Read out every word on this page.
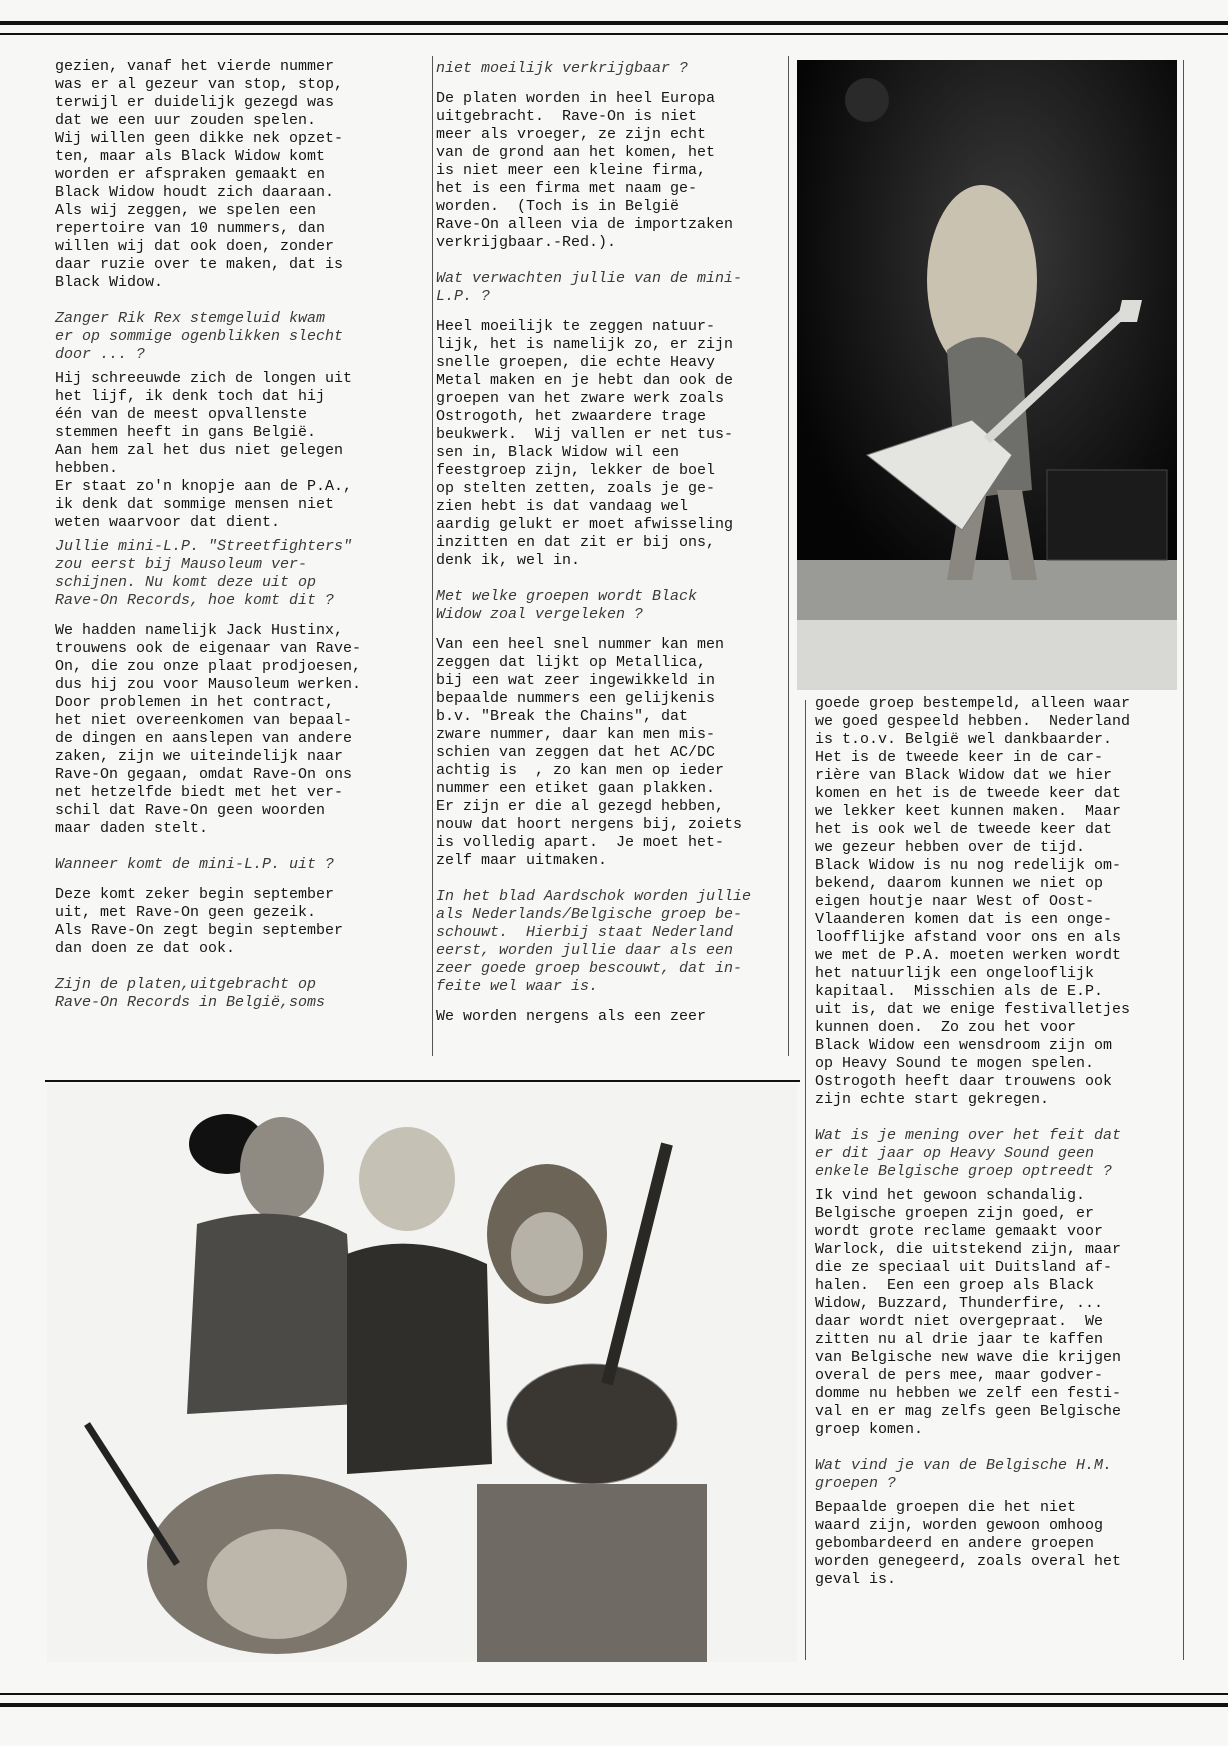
gezien, vanaf het vierde nummer
was er al gezeur van stop, stop,
terwijl er duidelijk gezegd was
dat we een uur zouden spelen.
Wij willen geen dikke nek opzet-
ten, maar als Black Widow komt
worden er afspraken gemaakt en
Black Widow houdt zich daaraan.
Als wij zeggen, we spelen een
repertoire van 10 nummers, dan
willen wij dat ook doen, zonder
daar ruzie over te maken, dat is
Black Widow.

Zanger Rik Rex stemgeluid kwam
er op sommige ogenblikken slecht
door ... ?

Hij schreeuwde zich de longen uit
het lijf, ik denk toch dat hij
één van de meest opvallenste
stemmen heeft in gans België.
Aan hem zal het dus niet gelegen
hebben.
Er staat zo'n knopje aan de P.A.,
ik denk dat sommige mensen niet
weten waarvoor dat dient.

Jullie mini-L.P. "Streetfighters"
zou eerst bij Mausoleum ver-
schijnen. Nu komt deze uit op
Rave-On Records, hoe komt dit ?

We hadden namelijk Jack Hustinx,
trouwens ook de eigenaar van Rave-
On, die zou onze plaat prodjoesen,
dus hij zou voor Mausoleum werken.
Door problemen in het contract,
het niet overeenkomen van bepaal-
de dingen en aanslepen van andere
zaken, zijn we uiteindelijk naar
Rave-On gegaan, omdat Rave-On ons
net hetzelfde biedt met het ver-
schil dat Rave-On geen woorden
maar daden stelt.

Wanneer komt de mini-L.P. uit ?

Deze komt zeker begin september
uit, met Rave-On geen gezeik.
Als Rave-On zegt begin september
dan doen ze dat ook.

Zijn de platen,uitgebracht op
Rave-On Records in België,soms

niet moeilijk verkrijgbaar ?

De platen worden in heel Europa
uitgebracht.  Rave-On is niet
meer als vroeger, ze zijn echt
van de grond aan het komen, het
is niet meer een kleine firma,
het is een firma met naam ge-
worden.  (Toch is in België
Rave-On alleen via de importzaken
verkrijgbaar.-Red.).

Wat verwachten jullie van de mini-
L.P. ?

Heel moeilijk te zeggen natuur-
lijk, het is namelijk zo, er zijn
snelle groepen, die echte Heavy
Metal maken en je hebt dan ook de
groepen van het zware werk zoals
Ostrogoth, het zwaardere trage
beukwerk.  Wij vallen er net tus-
sen in, Black Widow wil een
feestgroep zijn, lekker de boel
op stelten zetten, zoals je ge-
zien hebt is dat vandaag wel
aardig gelukt er moet afwisseling
inzitten en dat zit er bij ons,
denk ik, wel in.

Met welke groepen wordt Black
Widow zoal vergeleken ?

Van een heel snel nummer kan men
zeggen dat lijkt op Metallica,
bij een wat zeer ingewikkeld in
bepaalde nummers een gelijkenis
b.v. "Break the Chains", dat
zware nummer, daar kan men mis-
schien van zeggen dat het AC/DC
achtig is  , zo kan men op ieder
nummer een etiket gaan plakken.
Er zijn er die al gezegd hebben,
nouw dat hoort nergens bij, zoiets
is volledig apart.  Je moet het-
zelf maar uitmaken.

In het blad Aardschok worden jullie
als Nederlands/Belgische groep be-
schouwt.  Hierbij staat Nederland
eerst, worden jullie daar als een
zeer goede groep bescouwt, dat in-
feite wel waar is.

We worden nergens als een zeer

goede groep bestempeld, alleen waar
we goed gespeeld hebben.  Nederland
is t.o.v. België wel dankbaarder.
Het is de tweede keer in de car-
rière van Black Widow dat we hier
komen en het is de tweede keer dat
we lekker keet kunnen maken.  Maar
het is ook wel de tweede keer dat
we gezeur hebben over de tijd.
Black Widow is nu nog redelijk om-
bekend, daarom kunnen we niet op
eigen houtje naar West of Oost-
Vlaanderen komen dat is een onge-
loofflijke afstand voor ons en als
we met de P.A. moeten werken wordt
het natuurlijk een ongelooflijk
kapitaal.  Misschien als de E.P.
uit is, dat we enige festivalletjes
kunnen doen.  Zo zou het voor
Black Widow een wensdroom zijn om
op Heavy Sound te mogen spelen.
Ostrogoth heeft daar trouwens ook
zijn echte start gekregen.

Wat is je mening over het feit dat
er dit jaar op Heavy Sound geen
enkele Belgische groep optreedt ?

Ik vind het gewoon schandalig.
Belgische groepen zijn goed, er
wordt grote reclame gemaakt voor
Warlock, die uitstekend zijn, maar
die ze speciaal uit Duitsland af-
halen.  Een een groep als Black
Widow, Buzzard, Thunderfire, ...
daar wordt niet overgepraat.  We
zitten nu al drie jaar te kaffen
van Belgische new wave die krijgen
overal de pers mee, maar godver-
domme nu hebben we zelf een festi-
val en er mag zelfs geen Belgische
groep komen.

Wat vind je van de Belgische H.M.
groepen ?

Bepaalde groepen die het niet
waard zijn, worden gewoon omhoog
gebombardeerd en andere groepen
worden genegeerd, zoals overal het
geval is.
